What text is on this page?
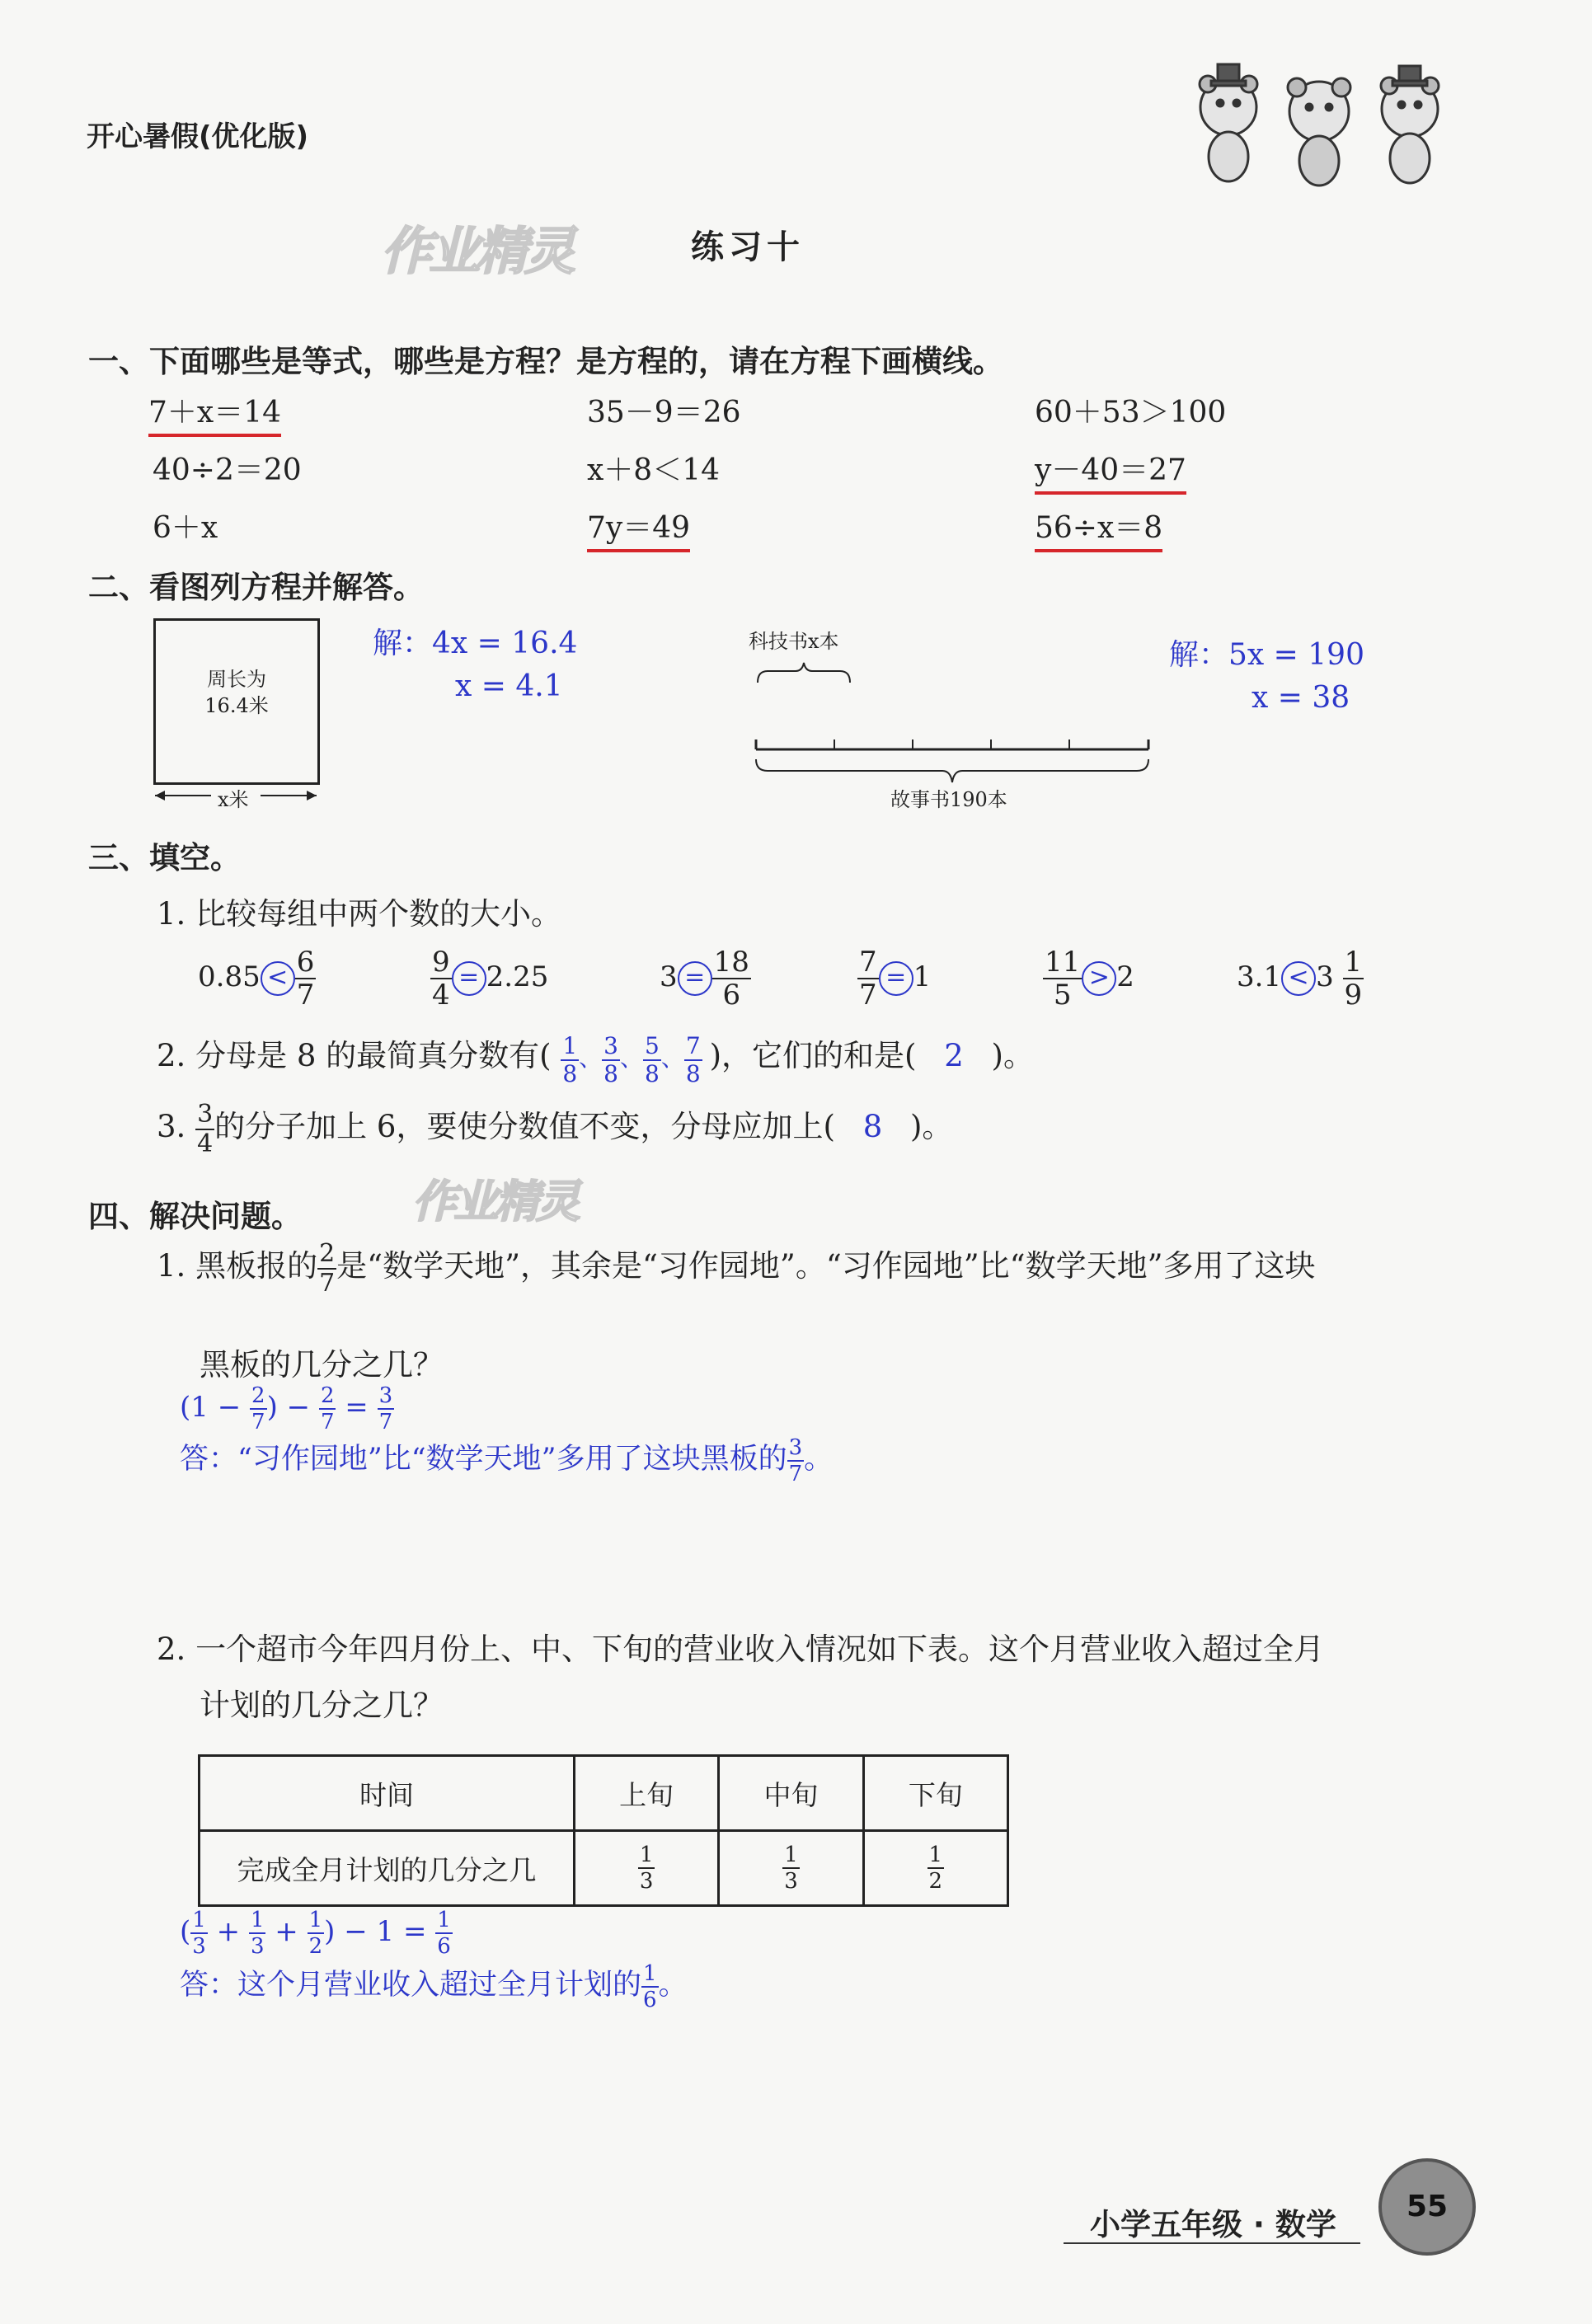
开心暑假(优化版)
作业精灵	练习十
一、下面哪些是等式，哪些是方程？是方程的，请在方程下画横线。
7＋x＝14	35－9＝26	60＋53＞100
40÷2＝20	x＋8＜14	y－40＝27
6＋x	7y＝49	56÷x＝8
二、看图列方程并解答。
周长为
16.4米
x米
解：4x = 16.4
x = 4.1
科技书x本
故事书190本
解：5x = 190
x = 38
三、填空。
1. 比较每组中两个数的大小。
$0.85 < \frac{6}{7}$	$\frac{9}{4} = 2.25$	$3 = \frac{18}{6}$	$\frac{7}{7} = 1$	$\frac{11}{5} > 2$	$3.1 < 3 \frac{1}{9}$
2. 分母是 8 的最简真分数有( $\frac{1}{8}$ 、 $\frac{3}{8}$ 、 $\frac{5}{8}$ 、 $\frac{7}{8}$ )，它们的和是( 2 )。
3. $\frac{3}{4}$ 的分子加上 6，要使分数值不变，分母应加上( 8 )。
四、解决问题。 作业精灵
1. 黑板报的 $\frac{2}{7}$ 是“数学天地”，其余是“习作园地”。“习作园地”比“数学天地”多用了这块
黑板的几分之几？
($1 - \frac{2}{7}$ ) − $\frac{2}{7} = \frac{3}{7}$
答：“习作园地”比“数学天地”多用了这块黑板的 $\frac{3}{7}$ 。
2. 一个超市今年四月份上、中、下旬的营业收入情况如下表。这个月营业收入超过全月
计划的几分之几？
时间	上旬	中旬	下旬
完成全月计划的几分之几	$\frac{1}{3}$	$\frac{1}{3}$	$\frac{1}{2}$
( $\frac{1}{3} + \frac{1}{3} + \frac{1}{2}$ ) − $1 = \frac{1}{6}$
答：这个月营业收入超过全月计划的 $\frac{1}{6}$ 。
小学五年级 · 数学
55
